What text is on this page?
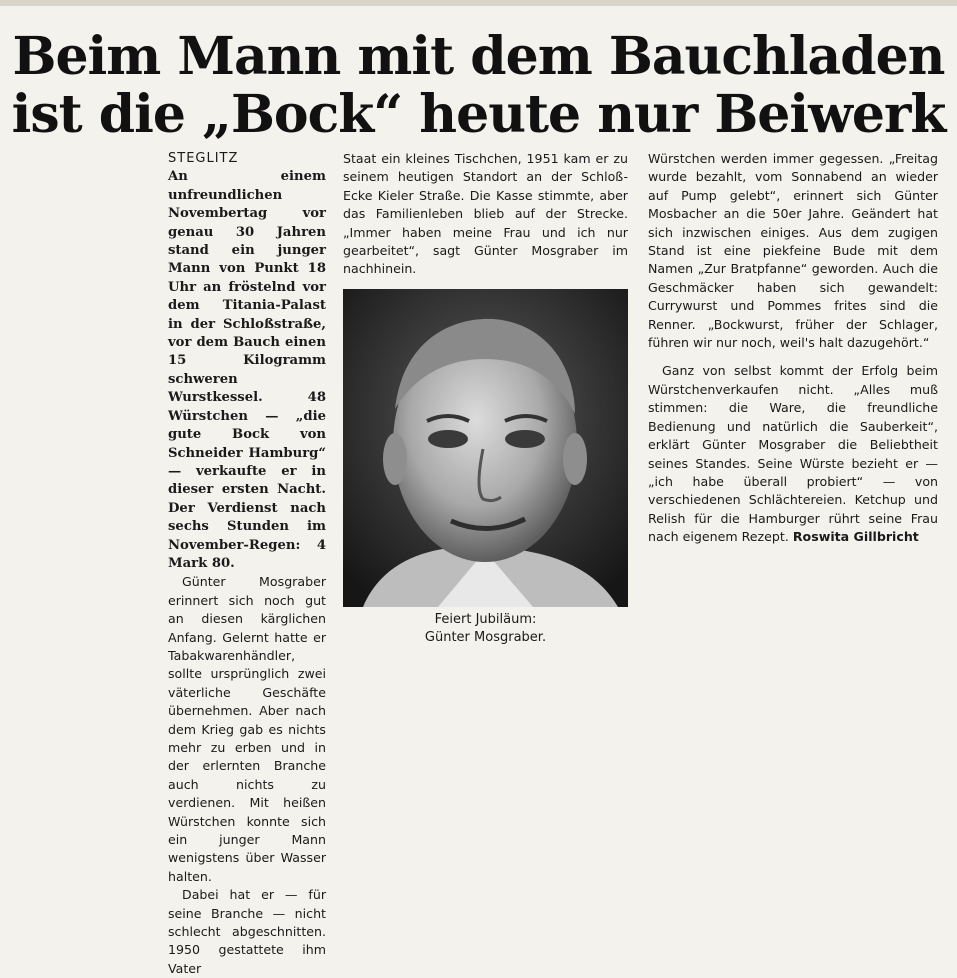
Beim Mann mit dem Bauchladen
ist die „Bock“ heute nur Beiwerk

STEGLITZ

An einem unfreundlichen Novembertag vor genau 30 Jahren stand ein junger Mann von Punkt 18 Uhr an fröstelnd vor dem Titania-Palast in der Schloßstraße, vor dem Bauch einen 15 Kilogramm schweren Wurstkessel. 48 Würstchen — „die gute Bock von Schneider Hamburg“ — verkaufte er in dieser ersten Nacht. Der Verdienst nach sechs Stunden im November-Regen: 4 Mark 80.

Günter Mosgraber erinnert sich noch gut an diesen kärglichen Anfang. Gelernt hatte er Tabakwarenhändler, sollte ursprünglich zwei väterliche Geschäfte übernehmen. Aber nach dem Krieg gab es nichts mehr zu erben und in der erlernten Branche auch nichts zu verdienen. Mit heißen Würstchen konnte sich ein junger Mann wenigstens über Wasser halten.

Dabei hat er — für seine Branche — nicht schlecht abgeschnitten. 1950 gestattete ihm Vater

Staat ein kleines Tischchen, 1951 kam er zu seinem heutigen Standort an der Schloß- Ecke Kieler Straße. Die Kasse stimmte, aber das Familienleben blieb auf der Strecke. „Immer haben meine Frau und ich nur gearbeitet“, sagt Günter Mosgraber im nachhinein.

Feiert Jubiläum:
Günter Mosgraber.

Würstchen werden immer gegessen. „Freitag wurde bezahlt, vom Sonnabend an wieder auf Pump gelebt“, erinnert sich Günter Mosbacher an die 50er Jahre. Geändert hat sich inzwischen einiges. Aus dem zugigen Stand ist eine piekfeine Bude mit dem Namen „Zur Bratpfanne“ geworden. Auch die Geschmäcker haben sich gewandelt: Currywurst und Pommes frites sind die Renner. „Bockwurst, früher der Schlager, führen wir nur noch, weil's halt dazugehört.“

Ganz von selbst kommt der Erfolg beim Würstchenverkaufen nicht. „Alles muß stimmen: die Ware, die freundliche Bedienung und natürlich die Sauberkeit“, erklärt Günter Mosgraber die Beliebtheit seines Standes. Seine Würste bezieht er — „ich habe überall probiert“ — von verschiedenen Schlächtereien. Ketchup und Relish für die Hamburger rührt seine Frau nach eigenem Rezept. Roswita Gillbricht
